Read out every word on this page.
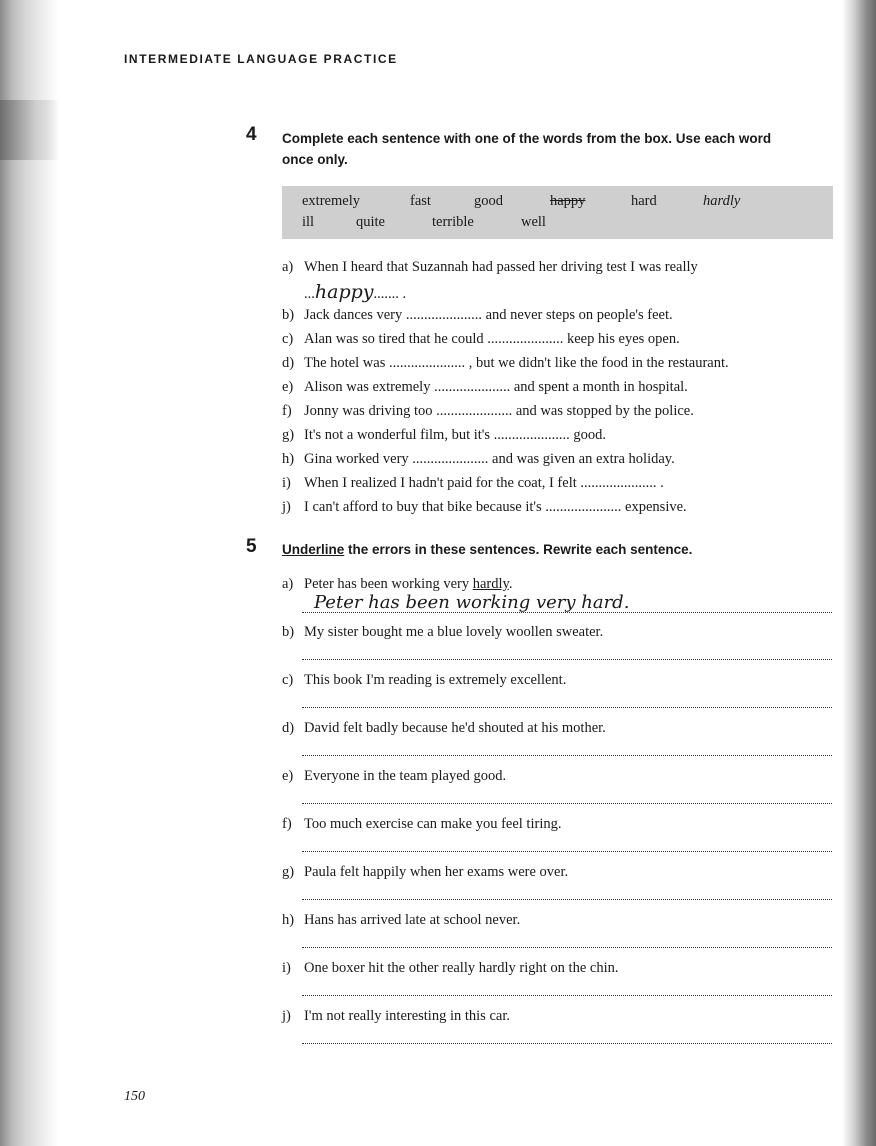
INTERMEDIATE LANGUAGE PRACTICE
4 Complete each sentence with one of the words from the box. Use each word
once only.
extremely	fast	good	happy	hard	hardly
ill	quite	terrible	well
a) When I heard that Suzannah had passed her driving test I was really
...happy....... .
b) Jack dances very ..................... and never steps on people's feet.
c) Alan was so tired that he could ..................... keep his eyes open.
d) The hotel was ..................... , but we didn't like the food in the restaurant.
e) Alison was extremely ..................... and spent a month in hospital.
f) Jonny was driving too ..................... and was stopped by the police.
g) It's not a wonderful film, but it's ..................... good.
h) Gina worked very ..................... and was given an extra holiday.
i) When I realized I hadn't paid for the coat, I felt ..................... .
j) I can't afford to buy that bike because it's ..................... expensive.
5 Underline the errors in these sentences. Rewrite each sentence.
a) Peter has been working very hardly.
Peter has been working very hard.
b) My sister bought me a blue lovely woollen sweater.
c) This book I'm reading is extremely excellent.
d) David felt badly because he'd shouted at his mother.
e) Everyone in the team played good.
f) Too much exercise can make you feel tiring.
g) Paula felt happily when her exams were over.
h) Hans has arrived late at school never.
i) One boxer hit the other really hardly right on the chin.
j) I'm not really interesting in this car.
150
